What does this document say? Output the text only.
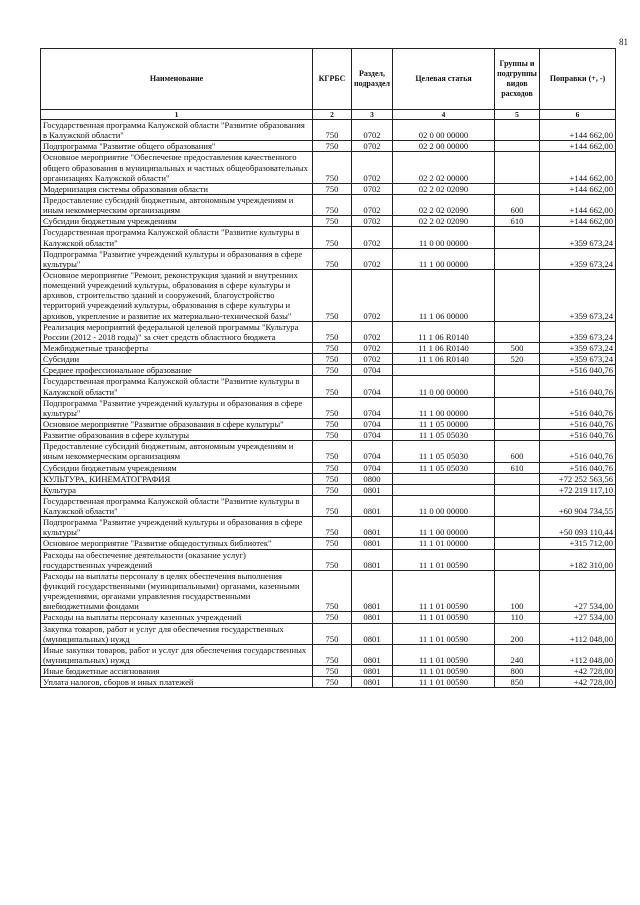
81
Наименование	КГРБС	Раздел, подраздел	Целевая статья	Группы и подгруппы видов расходов	Поправки (+, -)
1	2	3	4	5	6
Государственная программа Калужской области "Развитие образования в Калужской области"	750	0702	02 0 00 00000		+144 662,00
Подпрограмма "Развитие общего образования"	750	0702	02 2 00 00000		+144 662,00
Основное мероприятие "Обеспечение предоставления качественного общего образования в муниципальных и частных общеобразовательных организациях Калужской области"	750	0702	02 2 02 00000		+144 662,00
Модернизация системы образования области	750	0702	02 2 02 02090		+144 662,00
Предоставление субсидий бюджетным, автономным учреждениям и иным некоммерческим организациям	750	0702	02 2 02 02090	600	+144 662,00
Субсидии бюджетным учреждениям	750	0702	02 2 02 02090	610	+144 662,00
Государственная программа Калужской области "Развитие культуры в Калужской области"	750	0702	11 0 00 00000		+359 673,24
Подпрограмма "Развитие учреждений культуры и образования в сфере культуры"	750	0702	11 1 00 00000		+359 673,24
Основное мероприятие "Ремонт, реконструкция зданий и внутренних помещений учреждений культуры, образования в сфере культуры и архивов, строительство зданий и сооружений, благоустройство территорий учреждений культуры, образования в сфере культуры и архивов, укрепление и развитие их материально-технической базы"	750	0702	11 1 06 00000		+359 673,24
Реализация мероприятий федеральной целевой программы "Культура России (2012 - 2018 годы)" за счет средств областного бюджета	750	0702	11 1 06 R0140		+359 673,24
Межбюджетные трансферты	750	0702	11 1 06 R0140	500	+359 673,24
Субсидии	750	0702	11 1 06 R0140	520	+359 673,24
Среднее профессиональное образование	750	0704			+516 040,76
Государственная программа Калужской области "Развитие культуры в Калужской области"	750	0704	11 0 00 00000		+516 040,76
Подпрограмма "Развитие учреждений культуры и образования в сфере культуры"	750	0704	11 1 00 00000		+516 040,76
Основное мероприятие "Развитие образования в сфере культуры"	750	0704	11 1 05 00000		+516 040,76
Развитие образования в сфере культуры	750	0704	11 1 05 05030		+516 040,76
Предоставление субсидий бюджетным, автономным учреждениям и иным некоммерческим организациям	750	0704	11 1 05 05030	600	+516 040,76
Субсидии бюджетным учреждениям	750	0704	11 1 05 05030	610	+516 040,76
КУЛЬТУРА, КИНЕМАТОГРАФИЯ	750	0800			+72 252 563,56
Культура	750	0801			+72 219 117,10
Государственная программа Калужской области "Развитие культуры в Калужской области"	750	0801	11 0 00 00000		+60 904 734,55
Подпрограмма "Развитие учреждений культуры и образования в сфере культуры"	750	0801	11 1 00 00000		+50 093 110,44
Основное мероприятие "Развитие общедоступных библиотек"	750	0801	11 1 01 00000		+315 712,00
Расходы на обеспечение деятельности (оказание услуг) государственных учреждений	750	0801	11 1 01 00590		+182 310,00
Расходы на выплаты персоналу в целях обеспечения выполнения функций государственными (муниципальными) органами, казенными учреждениями, органами управления государственными внебюджетными фондами	750	0801	11 1 01 00590	100	+27 534,00
Расходы на выплаты персоналу казенных учреждений	750	0801	11 1 01 00590	110	+27 534,00
Закупка товаров, работ и услуг для обеспечения государственных (муниципальных) нужд	750	0801	11 1 01 00590	200	+112 048,00
Иные закупки товаров, работ и услуг для обеспечения государственных (муниципальных) нужд	750	0801	11 1 01 00590	240	+112 048,00
Иные бюджетные ассигнования	750	0801	11 1 01 00590	800	+42 728,00
Уплата налогов, сборов и иных платежей	750	0801	11 1 01 00590	850	+42 728,00
